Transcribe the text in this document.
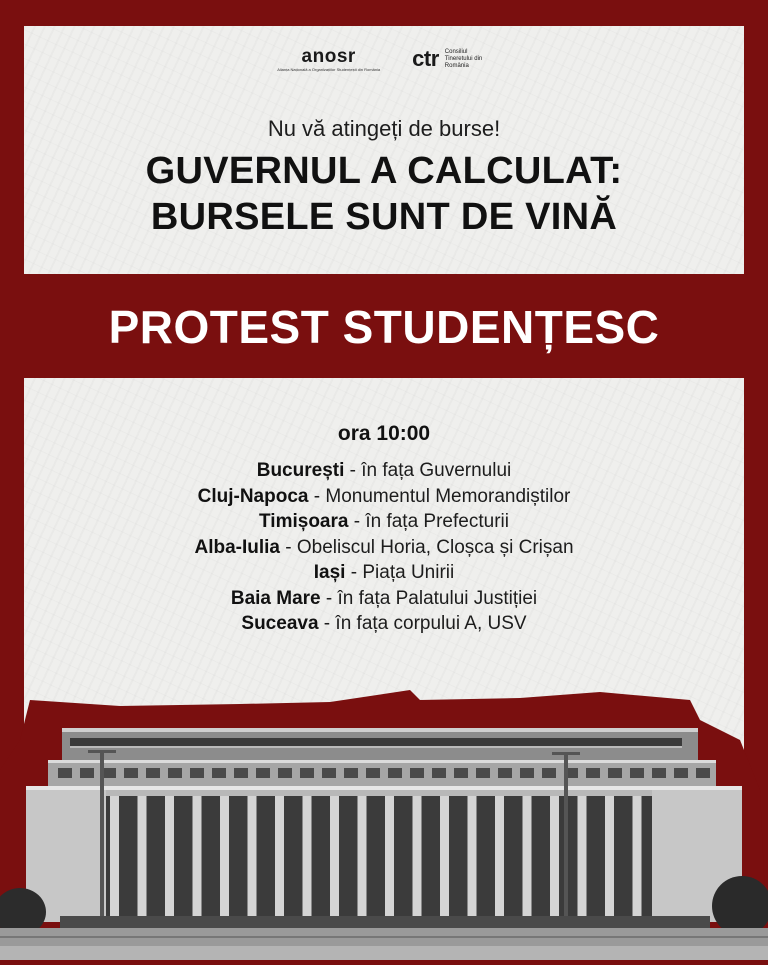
anosr
Alianța Națională a Organizațiilor Studențești din România ctr Consiliul Tineretului din România
Nu vă atingeți de burse!
GUVERNUL A CALCULAT:
BURSELE SUNT DE VINĂ
PROTEST STUDENȚESC
ora 10:00
București - în fața Guvernului
Cluj-Napoca - Monumentul Memorandiștilor
Timișoara - în fața Prefecturii
Alba-Iulia - Obeliscul Horia, Cloșca și Crișan
Iași - Piața Unirii
Baia Mare - în fața Palatului Justiției
Suceava - în fața corpului A, USV
